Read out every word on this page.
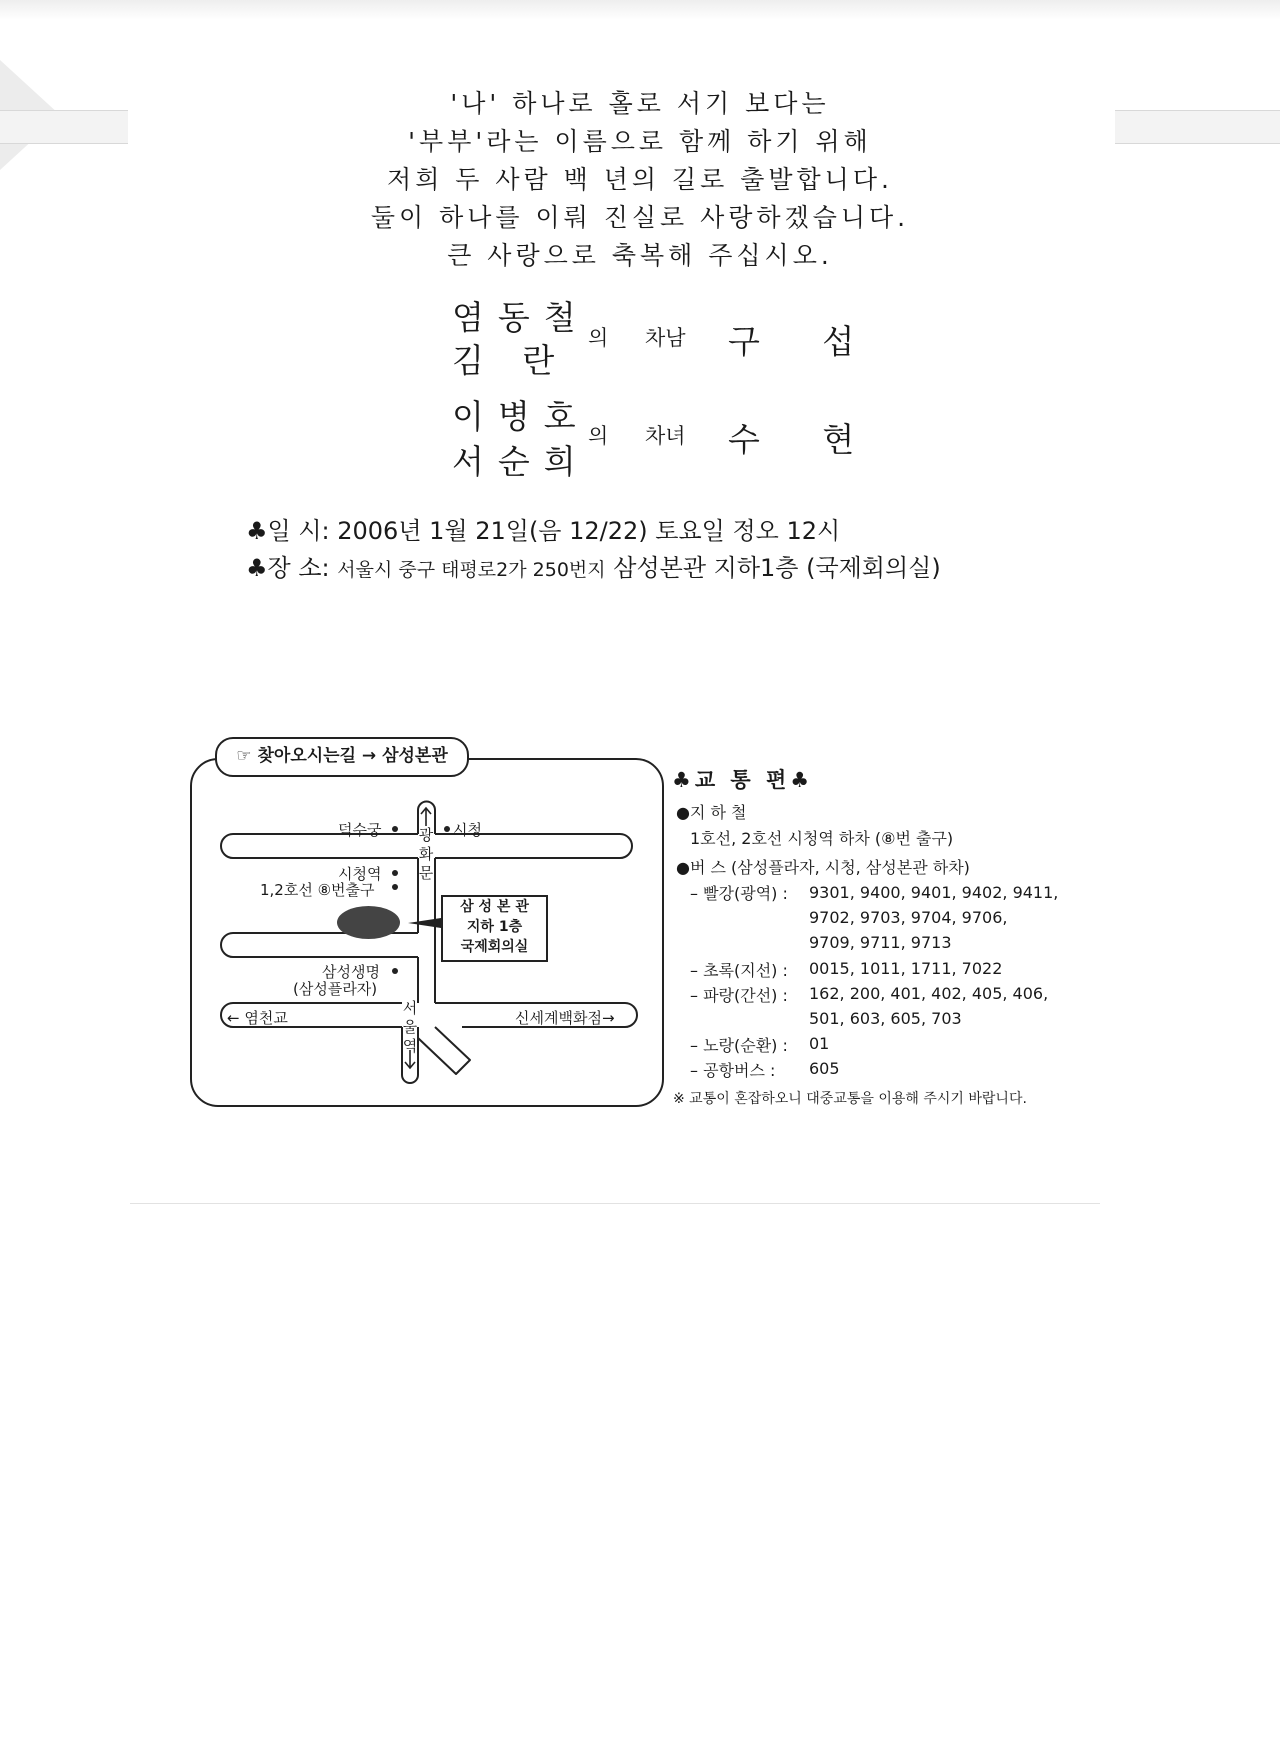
'나' 하나로 홀로 서기 보다는
'부부'라는 이름으로 함께 하기 위해
저희 두 사람 백 년의 길로 출발합니다.
둘이 하나를 이뤄 진실로 사랑하겠습니다.
큰 사랑으로 축복해 주십시오.
염동철
김 란
의 차남 구 섭
이병호
서순희
의 차녀 수 현
♣일 시: 2006년 1월 21일(음 12/22) 토요일 정오 12시
♣장 소: 서울시 중구 태평로2가 250번지 삼성본관 지하1층 (국제회의실)
☞ 찾아오시는길 → 삼성본관
광화문
서울역
덕수궁	시청
시청역
1,2호선 ⑧번출구
삼 성 본 관
지하 1층
국제회의실
삼성생명
(삼성플라자)
← 염천교	신세계백화점→
♣교 통 편♣
●지 하 철
1호선, 2호선 시청역 하차 (⑧번 출구)
●버 스 (삼성플라자, 시청, 삼성본관 하차)
– 빨강(광역) : 9301, 9400, 9401, 9402, 9411,
9702, 9703, 9704, 9706,
9709, 9711, 9713
– 초록(지선) : 0015, 1011, 1711, 7022
– 파랑(간선) : 162, 200, 401, 402, 405, 406,
501, 603, 605, 703
– 노랑(순환) : 01
– 공항버스 : 605
※ 교통이 혼잡하오니 대중교통을 이용해 주시기 바랍니다.
